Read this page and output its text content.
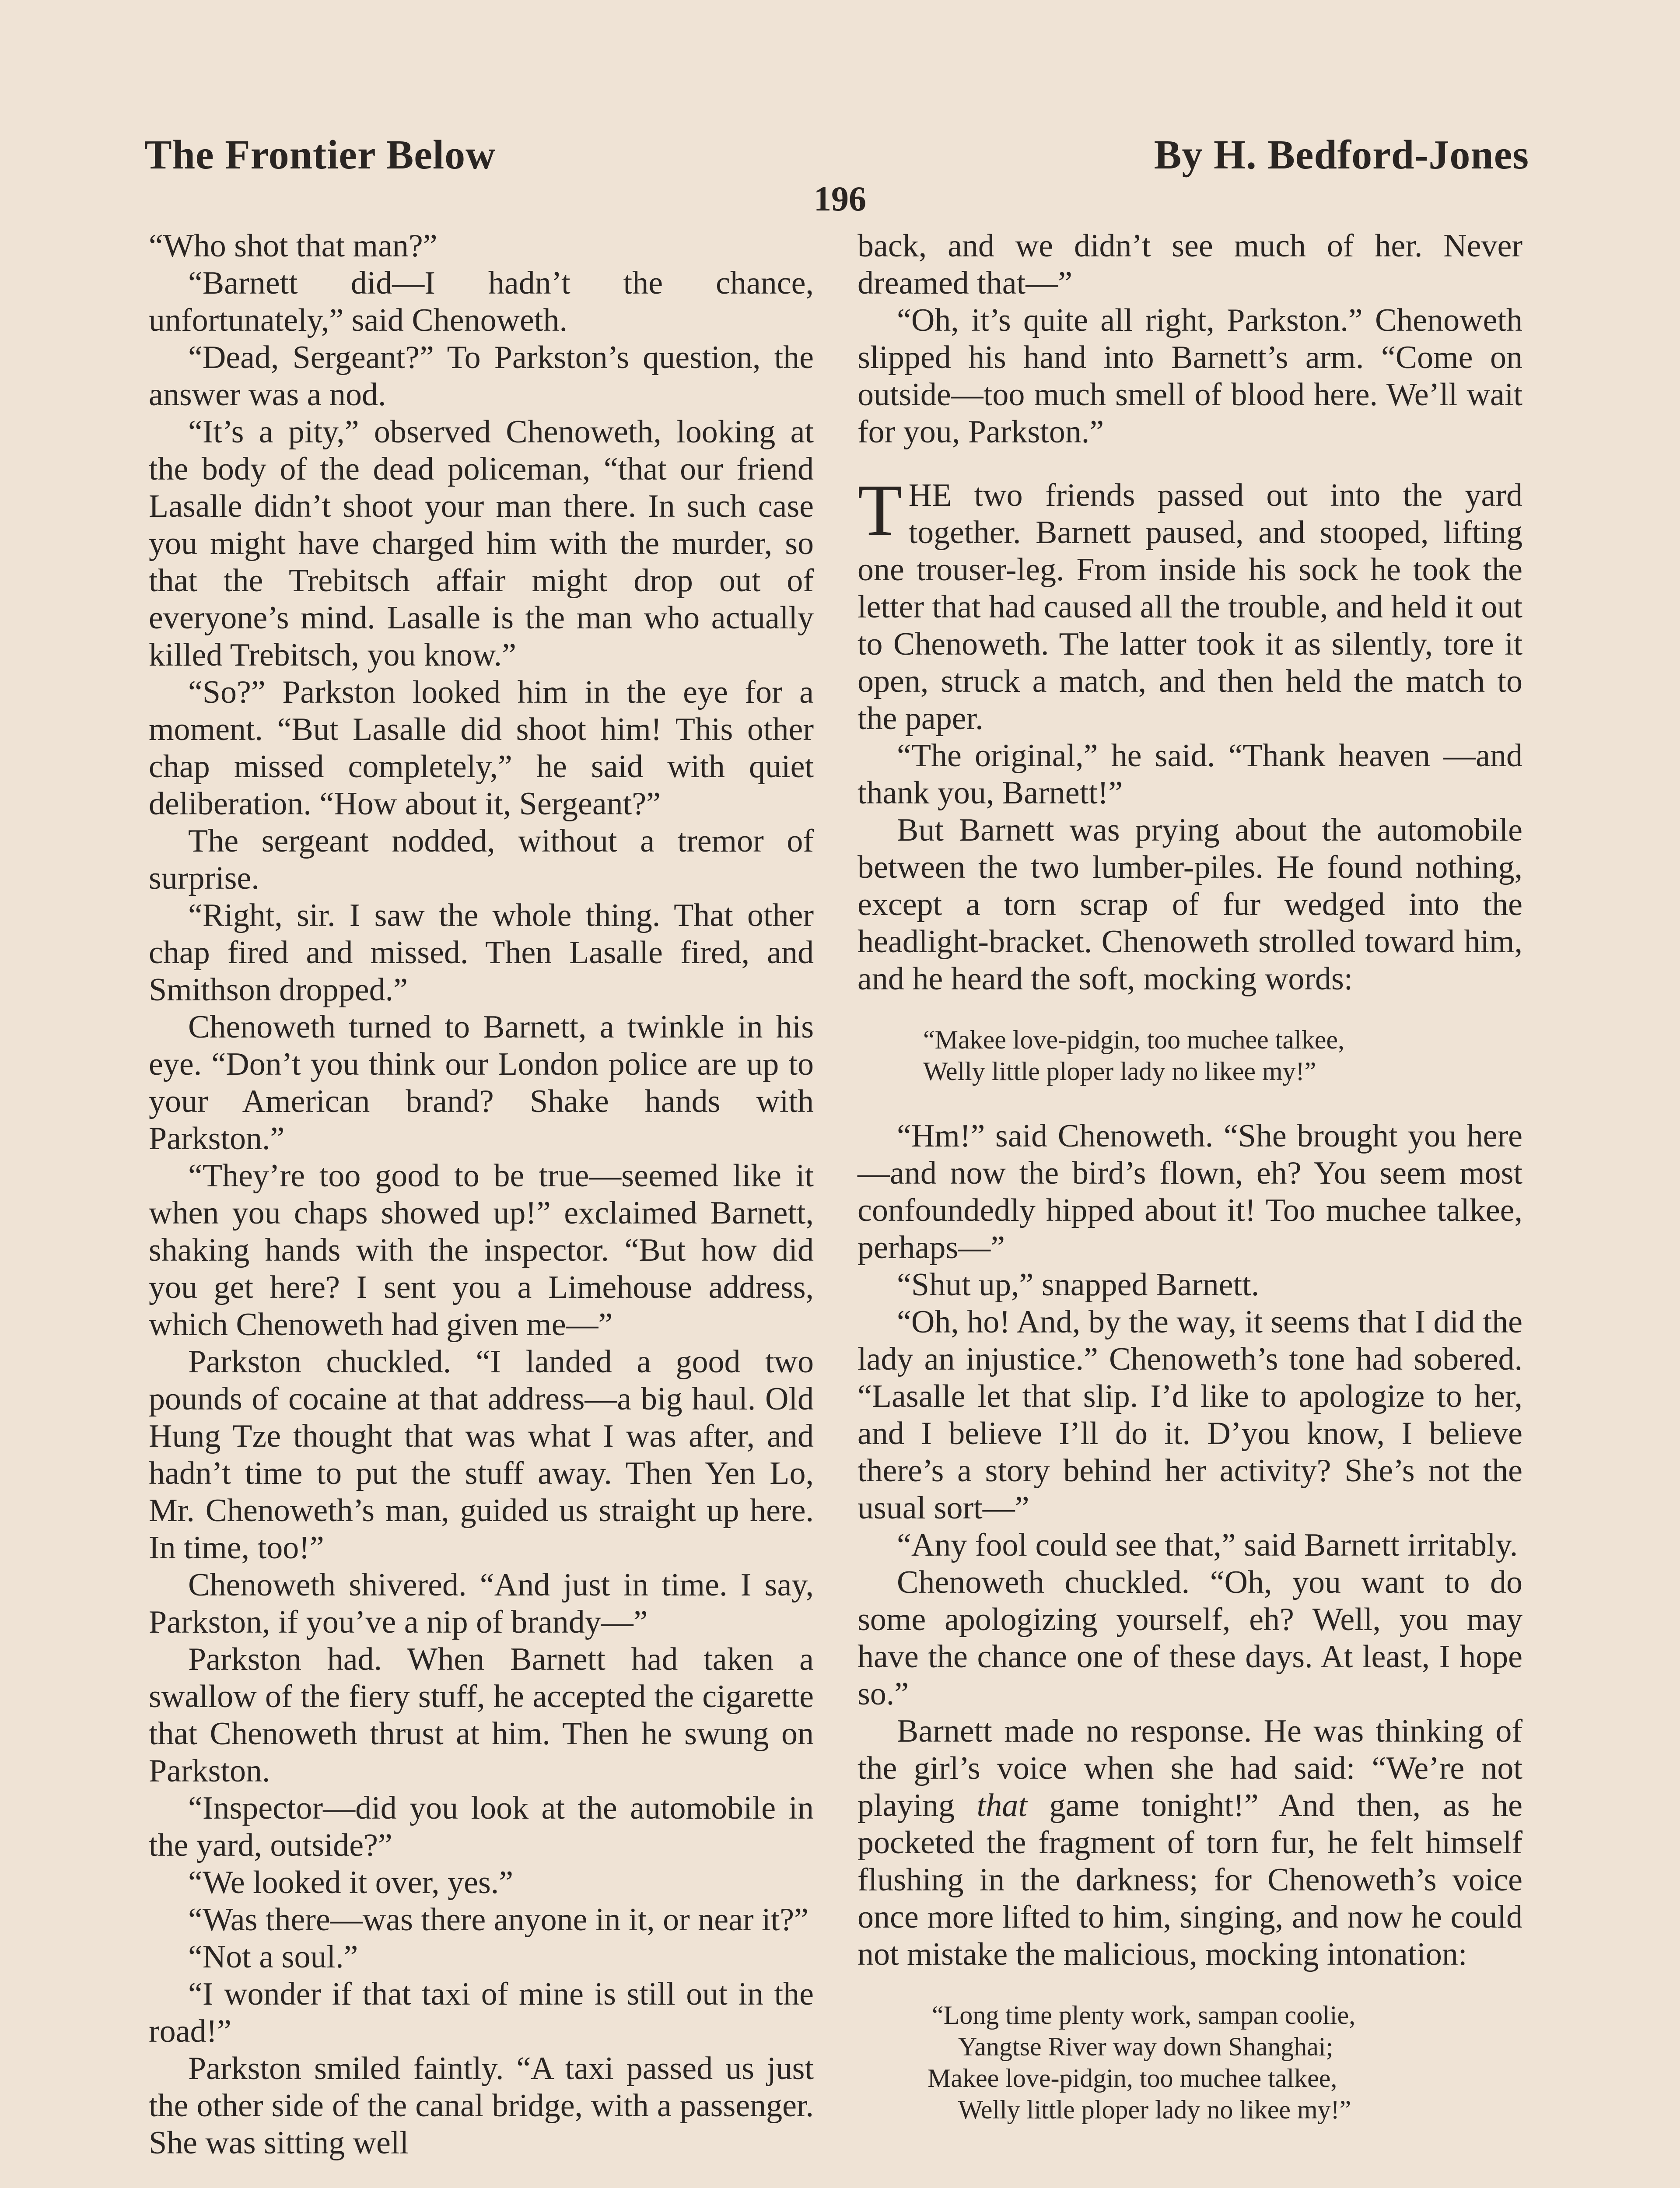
The Frontier Below	By H. Bedford-Jones
196

“Who shot that man?”

“Barnett did—I hadn’t the chance, unfortunately,” said Chenoweth.

“Dead, Sergeant?” To Parkston’s question, the answer was a nod.

“It’s a pity,” observed Chenoweth, looking at the body of the dead policeman, “that our friend Lasalle didn’t shoot your man there. In such case you might have charged him with the murder, so that the Trebitsch affair might drop out of everyone’s mind. Lasalle is the man who actually killed Trebitsch, you know.”

“So?” Parkston looked him in the eye for a moment. “But Lasalle did shoot him! This other chap missed completely,” he said with quiet deliberation. “How about it, Sergeant?”

The sergeant nodded, without a tremor of surprise.

“Right, sir. I saw the whole thing. That other chap fired and missed. Then Lasalle fired, and Smithson dropped.”

Chenoweth turned to Barnett, a twinkle in his eye. “Don’t you think our London police are up to your American brand? Shake hands with Parkston.”

“They’re too good to be true—seemed like it when you chaps showed up!” exclaimed Barnett, shaking hands with the inspector. “But how did you get here? I sent you a Limehouse address, which Chenoweth had given me—”

Parkston chuckled. “I landed a good two pounds of cocaine at that address—a big haul. Old Hung Tze thought that was what I was after, and hadn’t time to put the stuff away. Then Yen Lo, Mr. Chenoweth’s man, guided us straight up here. In time, too!”

Chenoweth shivered. “And just in time. I say, Parkston, if you’ve a nip of brandy—”

Parkston had. When Barnett had taken a swallow of the fiery stuff, he accepted the cigarette that Chenoweth thrust at him. Then he swung on Parkston.

“Inspector—did you look at the automobile in the yard, outside?”

“We looked it over, yes.”

“Was there—was there anyone in it, or near it?”

“Not a soul.”

“I wonder if that taxi of mine is still out in the road!”

Parkston smiled faintly. “A taxi passed us just the other side of the canal bridge, with a passenger. She was sitting well

back, and we didn’t see much of her. Never dreamed that—”

“Oh, it’s quite all right, Parkston.” Chenoweth slipped his hand into Barnett’s arm. “Come on outside—too much smell of blood here. We’ll wait for you, Parkston.”

THE two friends passed out into the yard together. Barnett paused, and stooped, lifting one trouser-leg. From inside his sock he took the letter that had caused all the trouble, and held it out to Chenoweth. The latter took it as silently, tore it open, struck a match, and then held the match to the paper.

“The original,” he said. “Thank heaven —and thank you, Barnett!”

But Barnett was prying about the automobile between the two lumber-piles. He found nothing, except a torn scrap of fur wedged into the headlight-bracket. Chenoweth strolled toward him, and he heard the soft, mocking words:

“Makee love-pidgin, too muchee talkee,
Welly little ploper lady no likee my!”

“Hm!” said Chenoweth. “She brought you here—and now the bird’s flown, eh? You seem most confoundedly hipped about it! Too muchee talkee, perhaps—”

“Shut up,” snapped Barnett.

“Oh, ho! And, by the way, it seems that I did the lady an injustice.” Chenoweth’s tone had sobered. “Lasalle let that slip. I’d like to apologize to her, and I believe I’ll do it. D’you know, I believe there’s a story behind her activity? She’s not the usual sort—”

“Any fool could see that,” said Barnett irritably.

Chenoweth chuckled. “Oh, you want to do some apologizing yourself, eh? Well, you may have the chance one of these days. At least, I hope so.”

Barnett made no response. He was thinking of the girl’s voice when she had said: “We’re not playing that game tonight!” And then, as he pocketed the fragment of torn fur, he felt himself flushing in the darkness; for Chenoweth’s voice once more lifted to him, singing, and now he could not mistake the malicious, mocking intonation:

“Long time plenty work, sampan coolie,
Yangtse River way down Shanghai;
Makee love-pidgin, too muchee talkee,
Welly little ploper lady no likee my!”
